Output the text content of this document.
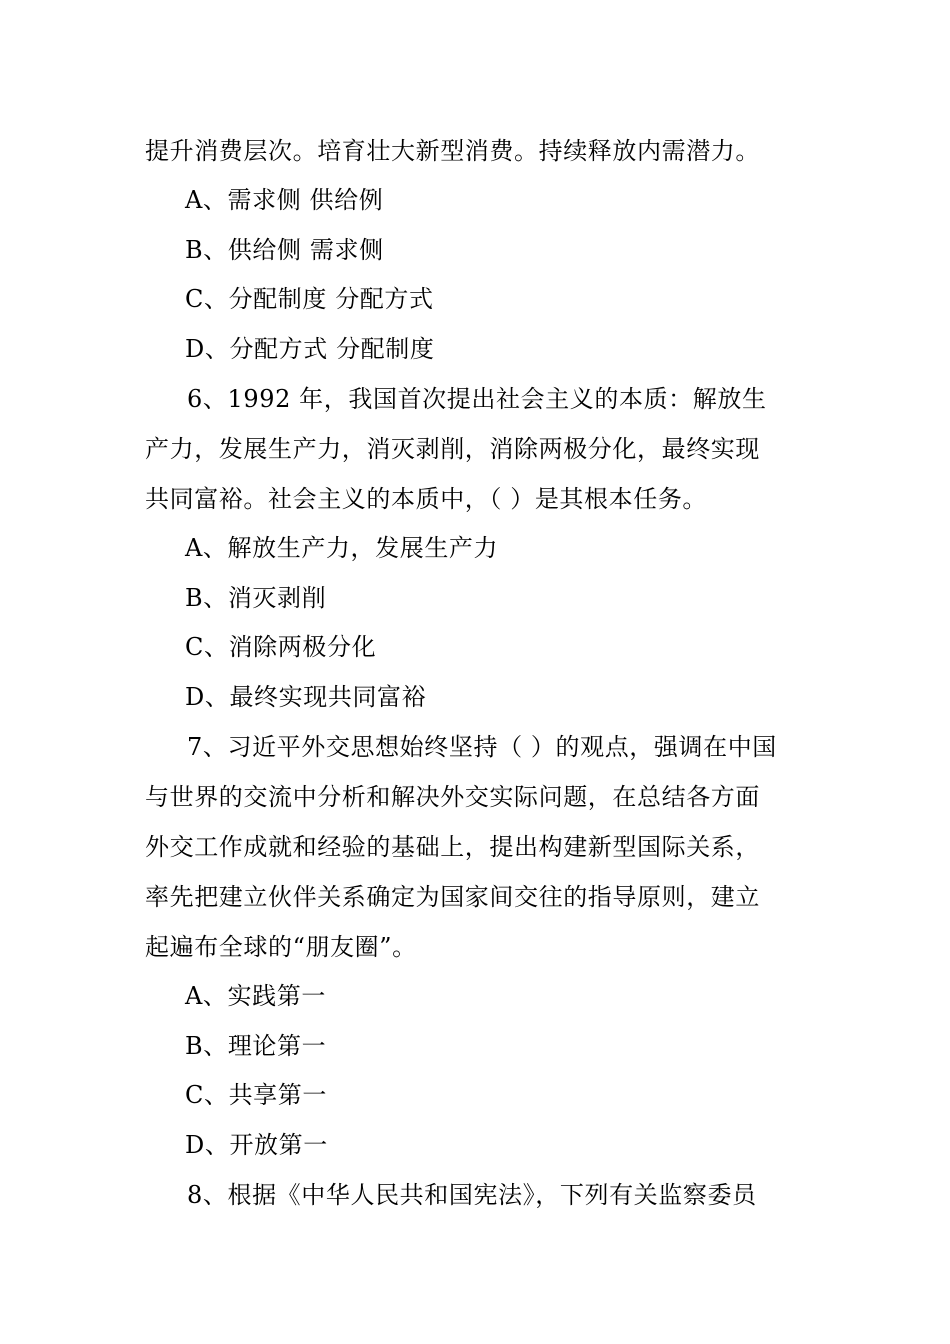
提升消费层次。培育壮大新型消费。持续释放内需潜力。
A、需求侧 供给例
B、供给侧 需求侧
C、分配制度 分配方式
D、分配方式 分配制度
6、1992 年，我国首次提出社会主义的本质：解放生
产力，发展生产力，消灭剥削，消除两极分化，最终实现
共同富裕。社会主义的本质中，（ ）是其根本任务。
A、解放生产力，发展生产力
B、消灭剥削
C、消除两极分化
D、最终实现共同富裕
7、习近平外交思想始终坚持（ ）的观点，强调在中国
与世界的交流中分析和解决外交实际问题，在总结各方面
外交工作成就和经验的基础上，提出构建新型国际关系，
率先把建立伙伴关系确定为国家间交往的指导原则，建立
起遍布全球的“朋友圈”。
A、实践第一
B、理论第一
C、共享第一
D、开放第一
8、根据《中华人民共和国宪法》，下列有关监察委员
